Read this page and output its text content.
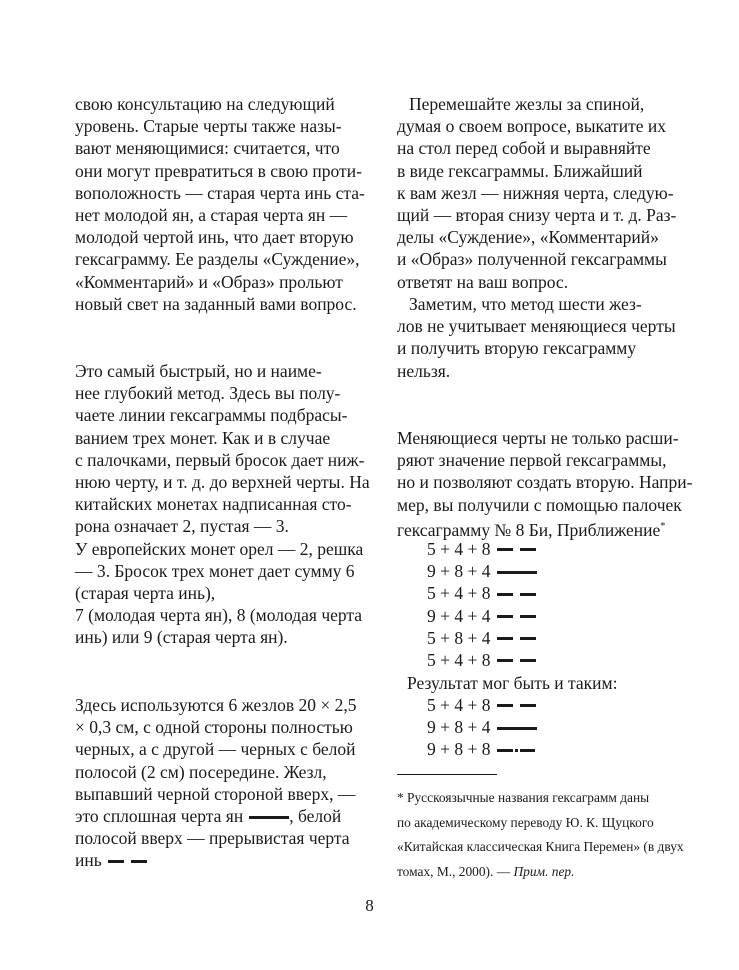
свою консультацию на следующий
уровень. Старые черты также назы-
вают меняющимися: считается, что
они могут превратиться в свою проти-
воположность — старая черта инь ста-
нет молодой ян, а старая черта ян —
молодой чертой инь, что дает вторую
гексаграмму. Ее разделы «Суждение»,
«Комментарий» и «Образ» прольют
новый свет на заданный вами вопрос.
Это самый быстрый, но и наиме-
нее глубокий метод. Здесь вы полу-
чаете линии гексаграммы подбрасы-
ванием трех монет. Как и в случае
с палочками, первый бросок дает ниж-
нюю черту, и т. д. до верхней черты. На
китайских монетах надписанная сто-
рона означает 2, пустая — 3.
У европейских монет орел — 2, решка
— 3. Бросок трех монет дает сумму 6
(старая черта инь),
7 (молодая черта ян), 8 (молодая черта
инь) или 9 (старая черта ян).
Здесь используются 6 жезлов 20 × 2,5
× 0,3 см, с одной стороны полностью
черных, а с другой — черных с белой
полосой (2 см) посередине. Жезл,
выпавший черной стороной вверх, —
это сплошная черта ян	, белой
полосой вверх — прерывистая черта
инь
Перемешайте жезлы за спиной,
думая о своем вопросе, выкатите их
на стол перед собой и выравняйте
в виде гексаграммы. Ближайший
к вам жезл — нижняя черта, следую-
щий — вторая снизу черта и т. д. Раз-
делы «Суждение», «Комментарий»
и «Образ» полученной гексаграммы
ответят на ваш вопрос.
Заметим, что метод шести жез-
лов не учитывает меняющиеся черты
и получить вторую гексаграмму
нельзя.
Меняющиеся черты не только расши-
ряют значение первой гексаграммы,
но и позволяют создать вторую. Напри-
мер, вы получили с помощью палочек
гексаграмму № 8 Би, Приближение*
5 + 4 + 8
9 + 8 + 4
5 + 4 + 8
9 + 4 + 4
5 + 8 + 4
5 + 4 + 8
Результат мог быть и таким:
5 + 4 + 8
9 + 8 + 4
9 + 8 + 8
* Русскоязычные названия гексаграмм даны
по академическому переводу Ю. К. Щуцкого
«Китайская классическая Книга Перемен» (в двух
томах, М., 2000). — Прим. пер.
8
